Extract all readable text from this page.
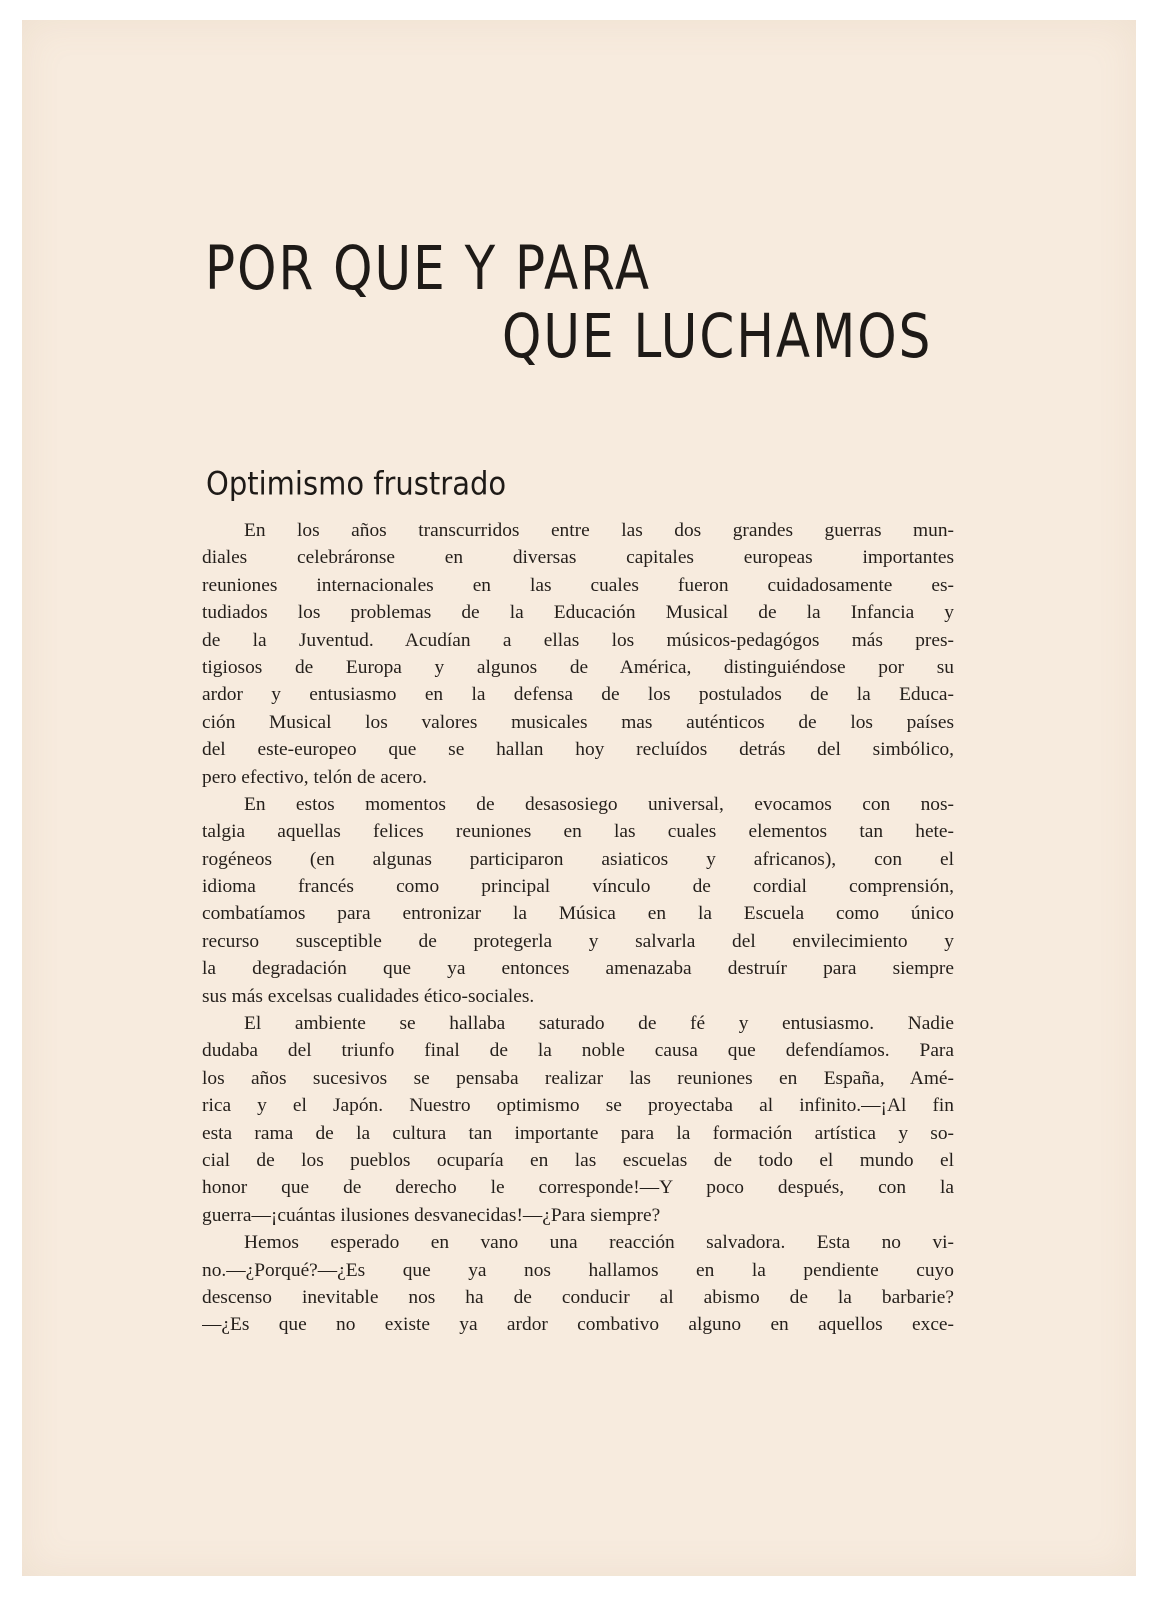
POR QUE Y PARA
QUE LUCHAMOS
Optimismo frustrado
En los años transcurridos entre las dos grandes guerras mun-
diales celebráronse en diversas capitales europeas importantes
reuniones internacionales en las cuales fueron cuidadosamente es-
tudiados los problemas de la Educación Musical de la Infancia y
de la Juventud. Acudían a ellas los músicos-pedagógos más pres-
tigiosos de Europa y algunos de América, distinguiéndose por su
ardor y entusiasmo en la defensa de los postulados de la Educa-
ción Musical los valores musicales mas auténticos de los países
del este-europeo que se hallan hoy recluídos detrás del simbólico,
pero efectivo, telón de acero.
En estos momentos de desasosiego universal, evocamos con nos-
talgia aquellas felices reuniones en las cuales elementos tan hete-
rogéneos (en algunas participaron asiaticos y africanos), con el
idioma francés como principal vínculo de cordial comprensión,
combatíamos para entronizar la Música en la Escuela como único
recurso susceptible de protegerla y salvarla del envilecimiento y
la degradación que ya entonces amenazaba destruír para siempre
sus más excelsas cualidades ético-sociales.
El ambiente se hallaba saturado de fé y entusiasmo. Nadie
dudaba del triunfo final de la noble causa que defendíamos. Para
los años sucesivos se pensaba realizar las reuniones en España, Amé-
rica y el Japón. Nuestro optimismo se proyectaba al infinito.—¡Al fin
esta rama de la cultura tan importante para la formación artística y so-
cial de los pueblos ocuparía en las escuelas de todo el mundo el
honor que de derecho le corresponde!—Y poco después, con la
guerra—¡cuántas ilusiones desvanecidas!—¿Para siempre?
Hemos esperado en vano una reacción salvadora. Esta no vi-
no.—¿Porqué?—¿Es que ya nos hallamos en la pendiente cuyo
descenso inevitable nos ha de conducir al abismo de la barbarie?
—¿Es que no existe ya ardor combativo alguno en aquellos exce-
